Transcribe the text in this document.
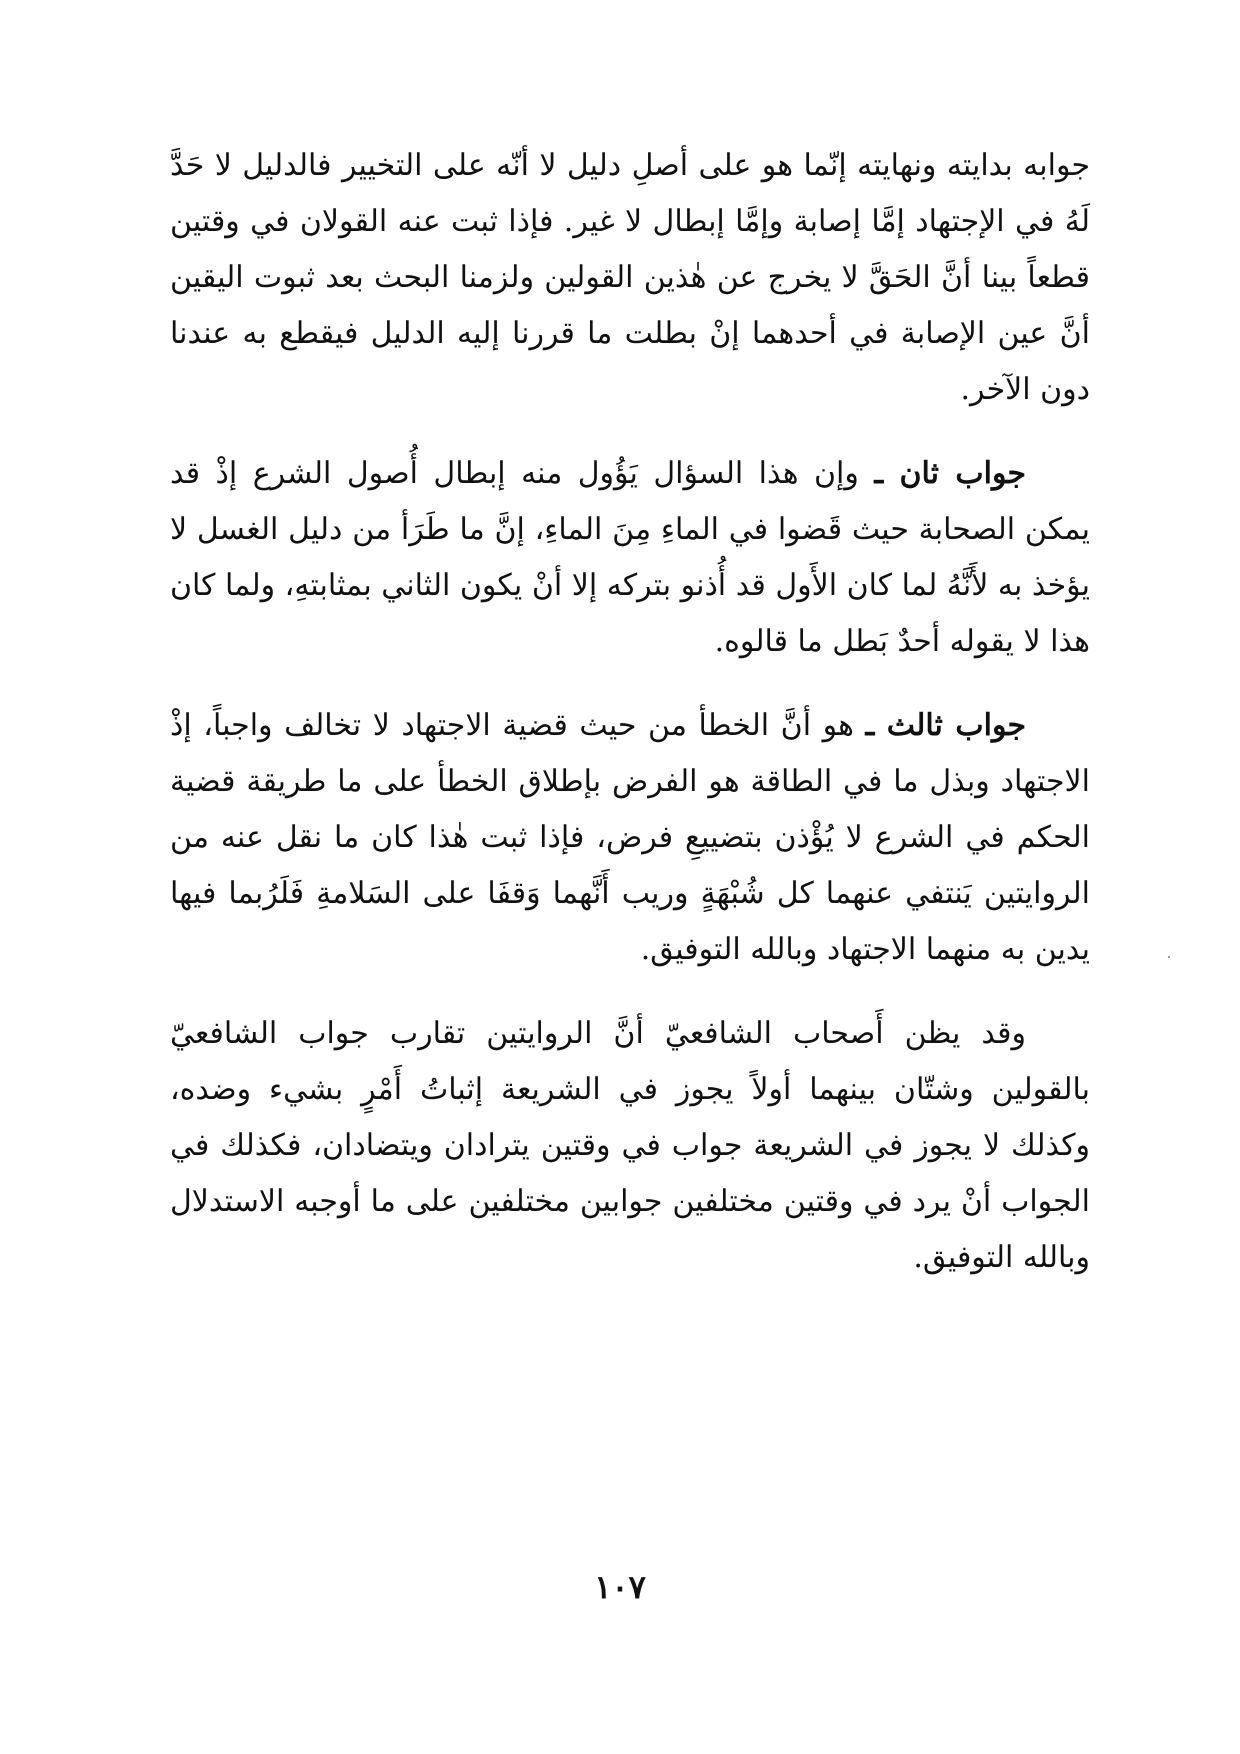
جوابه بدايته ونهايته إنّما هو على أصلِ دليل لا أنّه على التخيير فالدليل لا حَدَّ لَهُ في الإجتهاد إمَّا إصابة وإمَّا إبطال لا غير. فإذا ثبت عنه القولان في وقتين قطعاً بينا أنَّ الحَقَّ لا يخرج عن هٰذين القولين ولزمنا البحث بعد ثبوت اليقين أنَّ عين الإصابة في أحدهما إنْ بطلت ما قررنا إليه الدليل فيقطع به عندنا دون الآخر.

جواب ثان ـ وإن هذا السؤال يَؤُول منه إبطال أُصول الشرع إذْ قد يمكن الصحابة حيث قَضوا في الماءِ مِنَ الماءِ، إنَّ ما طَرَأ من دليل الغسل لا يؤخذ به لأَنَّهُ لما كان الأَول قد أُذنو بتركه إلا أنْ يكون الثاني بمثابتهِ، ولما كان هذا لا يقوله أحدٌ بَطل ما قالوه.

جواب ثالث ـ هو أنَّ الخطأ من حيث قضية الاجتهاد لا تخالف واجباً، إذْ الاجتهاد وبذل ما في الطاقة هو الفرض بإطلاق الخطأ على ما طريقة قضية الحكم في الشرع لا يُؤْذن بتضييعِ فرض، فإذا ثبت هٰذا كان ما نقل عنه من الروايتين يَنتفي عنهما كل شُبْهَةٍ وريب أَنَّهما وَقفَا على السَلامةِ فَلَرُبما فيها يدين به منهما الاجتهاد وبالله التوفيق.

وقد يظن أَصحاب الشافعيّ أنَّ الروايتين تقارب جواب الشافعيّ بالقولين وشتّان بينهما أولاً يجوز في الشريعة إثباتُ أَمْرٍ بشيء وضده، وكذلك لا يجوز في الشريعة جواب في وقتين يترادان ويتضادان، فكذلك في الجواب أنْ يرد في وقتين مختلفين جوابين مختلفين على ما أوجبه الاستدلال وبالله التوفيق.

١٠٧
